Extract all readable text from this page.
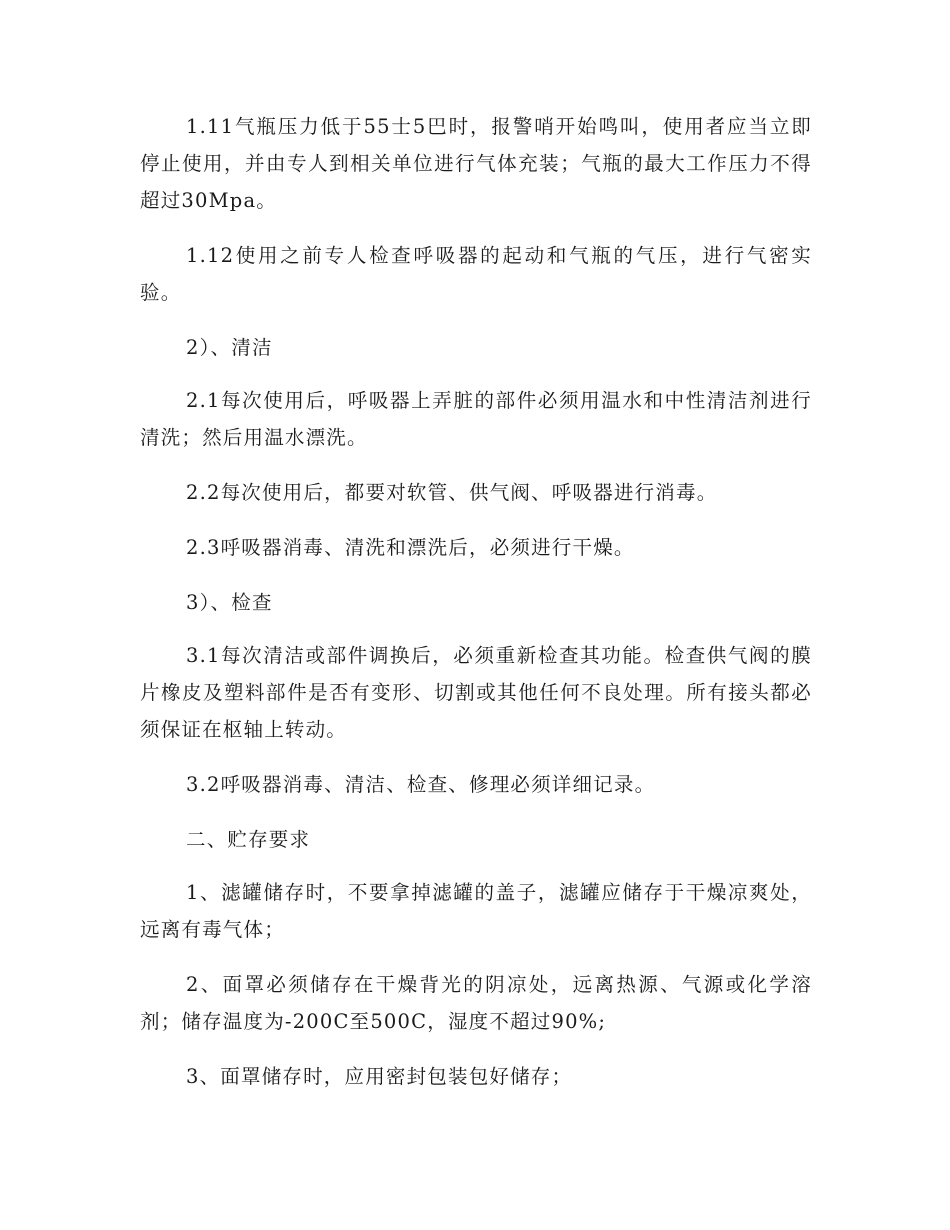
1.11气瓶压力低于55士5巴时，报警哨开始鸣叫，使用者应当立即停止使用，并由专人到相关单位进行气体充装；气瓶的最大工作压力不得超过30Mpa。

1.12使用之前专人检查呼吸器的起动和气瓶的气压，进行气密实验。

2）、清洁

2.1每次使用后，呼吸器上弄脏的部件必须用温水和中性清洁剂进行清洗；然后用温水漂洗。

2.2每次使用后，都要对软管、供气阀、呼吸器进行消毒。

2.3呼吸器消毒、清洗和漂洗后，必须进行干燥。

3）、检查

3.1每次清洁或部件调换后，必须重新检查其功能。检查供气阀的膜片橡皮及塑料部件是否有变形、切割或其他任何不良处理。所有接头都必须保证在枢轴上转动。

3.2呼吸器消毒、清洁、检查、修理必须详细记录。

二、贮存要求

1、滤罐储存时，不要拿掉滤罐的盖子，滤罐应储存于干燥凉爽处，远离有毒气体；

2、面罩必须储存在干燥背光的阴凉处，远离热源、气源或化学溶剂；储存温度为-200C至500C，湿度不超过90%;

3、面罩储存时，应用密封包装包好储存；
